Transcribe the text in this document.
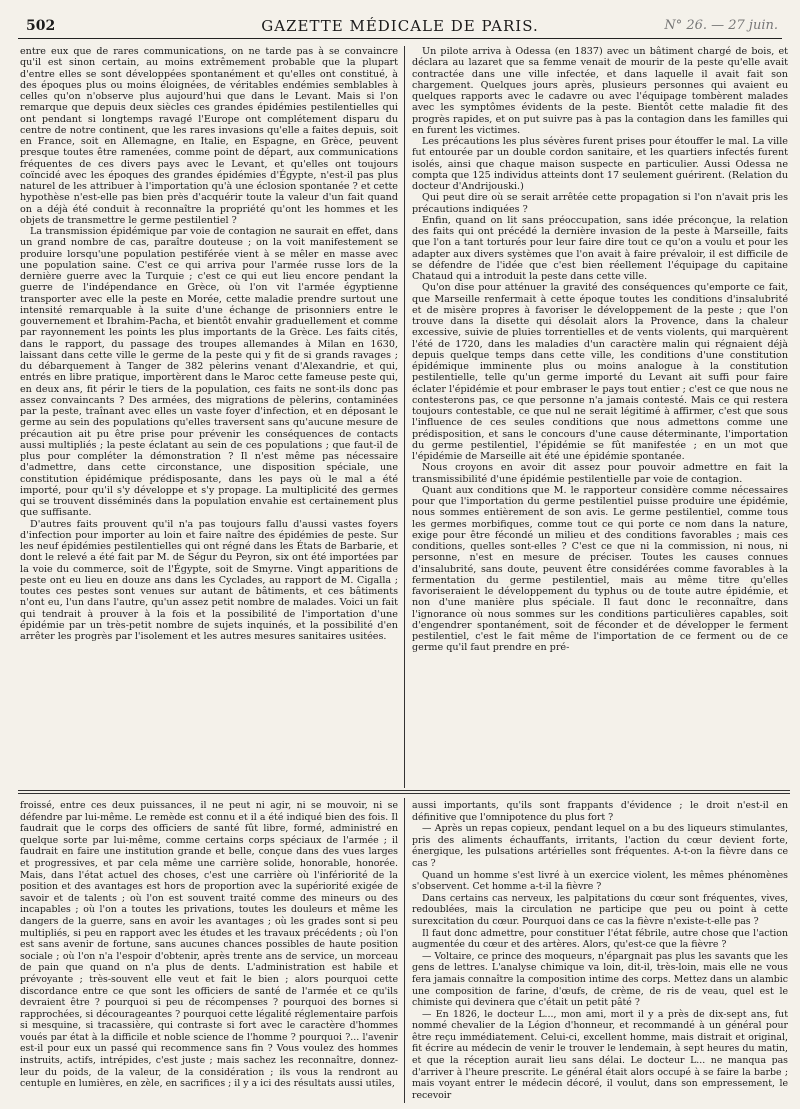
502	GAZETTE MÉDICALE DE PARIS.	N° 26. — 27 juin.

entre eux que de rares communications, on ne tarde pas à se convaincre qu'il est sinon certain, au moins extrêmement probable que la plupart d'entre elles se sont développées spontanément et qu'elles ont constitué, à des époques plus ou moins éloignées, de véritables endémies semblables à celles qu'on n'observe plus aujourd'hui que dans le Levant. Mais si l'on remarque que depuis deux siècles ces grandes épidémies pestilentielles qui ont pendant si longtemps ravagé l'Europe ont complétement disparu du centre de notre continent, que les rares invasions qu'elle a faites depuis, soit en France, soit en Allemagne, en Italie, en Espagne, en Grèce, peuvent presque toutes être ramenées, comme point de départ, aux communications fréquentes de ces divers pays avec le Levant, et qu'elles ont toujours coïncidé avec les époques des grandes épidémies d'Égypte, n'est-il pas plus naturel de les attribuer à l'importation qu'à une éclosion spontanée ? et cette hypothèse n'est-elle pas bien près d'acquérir toute la valeur d'un fait quand on a déjà été conduit à reconnaître la propriété qu'ont les hommes et les objets de transmettre le germe pestilentiel ?

La transmission épidémique par voie de contagion ne saurait en effet, dans un grand nombre de cas, paraître douteuse ; on la voit manifestement se produire lorsqu'une population pestiférée vient à se mêler en masse avec une population saine. C'est ce qui arriva pour l'armée russe lors de la dernière guerre avec la Turquie ; c'est ce qui eut lieu encore pendant la guerre de l'indépendance en Grèce, où l'on vit l'armée égyptienne transporter avec elle la peste en Morée, cette maladie prendre surtout une intensité remarquable à la suite d'une échange de prisonniers entre le gouvernement et Ibrahim-Pacha, et bientôt envahir graduellement et comme par rayonnement les points les plus importants de la Grèce. Les faits cités, dans le rapport, du passage des troupes allemandes à Milan en 1630, laissant dans cette ville le germe de la peste qui y fit de si grands ravages ; du débarquement à Tanger de 382 pèlerins venant d'Alexandrie, et qui, entrés en libre pratique, importèrent dans le Maroc cette fameuse peste qui, en deux ans, fit périr le tiers de la population, ces faits ne sont-ils donc pas assez convaincants ? Des armées, des migrations de pèlerins, contaminées par la peste, traînant avec elles un vaste foyer d'infection, et en déposant le germe au sein des populations qu'elles traversent sans qu'aucune mesure de précaution ait pu être prise pour prévenir les conséquences de contacts aussi multipliés ; la peste éclatant au sein de ces populations ; que faut-il de plus pour compléter la démonstration ? Il n'est même pas nécessaire d'admettre, dans cette circonstance, une disposition spéciale, une constitution épidémique prédisposante, dans les pays où le mal a été importé, pour qu'il s'y développe et s'y propage. La multiplicité des germes qui se trouvent disséminés dans la population envahie est certainement plus que suffisante.

D'autres faits prouvent qu'il n'a pas toujours fallu d'aussi vastes foyers d'infection pour importer au loin et faire naître des épidémies de peste. Sur les neuf épidémies pestilentielles qui ont régné dans les États de Barbarie, et dont le relevé a été fait par M. de Ségur du Peyron, six ont été importées par la voie du commerce, soit de l'Égypte, soit de Smyrne. Vingt apparitions de peste ont eu lieu en douze ans dans les Cyclades, au rapport de M. Cigalla ; toutes ces pestes sont venues sur autant de bâtiments, et ces bâtiments n'ont eu, l'un dans l'autre, qu'un assez petit nombre de malades. Voici un fait qui tendrait à prouver à la fois et la possibilité de l'importation d'une épidémie par un très-petit nombre de sujets inquinés, et la possibilité d'en arrêter les progrès par l'isolement et les autres mesures sanitaires usitées.

Un pilote arriva à Odessa (en 1837) avec un bâtiment chargé de bois, et déclara au lazaret que sa femme venait de mourir de la peste qu'elle avait contractée dans une ville infectée, et dans laquelle il avait fait son chargement. Quelques jours après, plusieurs personnes qui avaient eu quelques rapports avec le cadavre ou avec l'équipage tombèrent malades avec les symptômes évidents de la peste. Bientôt cette maladie fit des progrès rapides, et on put suivre pas à pas la contagion dans les familles qui en furent les victimes.

Les précautions les plus sévères furent prises pour étouffer le mal. La ville fut entourée par un double cordon sanitaire, et les quartiers infectés furent isolés, ainsi que chaque maison suspecte en particulier. Aussi Odessa ne compta que 125 individus atteints dont 17 seulement guérirent. (Relation du docteur d'Andrijouski.)

Qui peut dire où se serait arrêtée cette propagation si l'on n'avait pris les précautions indiquées ?

Enfin, quand on lit sans préoccupation, sans idée préconçue, la relation des faits qui ont précédé la dernière invasion de la peste à Marseille, faits que l'on a tant torturés pour leur faire dire tout ce qu'on a voulu et pour les adapter aux divers systèmes que l'on avait à faire prévaloir, il est difficile de se défendre de l'idée que c'est bien réellement l'équipage du capitaine Chataud qui a introduit la peste dans cette ville.

Qu'on dise pour atténuer la gravité des conséquences qu'emporte ce fait, que Marseille renfermait à cette époque toutes les conditions d'insalubrité et de misère propres à favoriser le développement de la peste ; que l'on trouve dans la disette qui désolait alors la Provence, dans la chaleur excessive, suivie de pluies torrentielles et de vents violents, qui marquèrent l'été de 1720, dans les maladies d'un caractère malin qui régnaient déjà depuis quelque temps dans cette ville, les conditions d'une constitution épidémique imminente plus ou moins analogue à la constitution pestilentielle, telle qu'un germe importé du Levant ait suffi pour faire éclater l'épidémie et pour embraser le pays tout entier ; c'est ce que nous ne contesterons pas, ce que personne n'a jamais contesté. Mais ce qui restera toujours contestable, ce que nul ne serait légitimé à affirmer, c'est que sous l'influence de ces seules conditions que nous admettons comme une prédisposition, et sans le concours d'une cause déterminante, l'importation du germe pestilentiel, l'épidémie se fût manifestée ; en un mot que l'épidémie de Marseille ait été une épidémie spontanée.

Nous croyons en avoir dit assez pour pouvoir admettre en fait la transmissibilité d'une épidémie pestilentielle par voie de contagion.

Quant aux conditions que M. le rapporteur considère comme nécessaires pour que l'importation du germe pestilentiel puisse produire une épidémie, nous sommes entièrement de son avis. Le germe pestilentiel, comme tous les germes morbifiques, comme tout ce qui porte ce nom dans la nature, exige pour être fécondé un milieu et des conditions favorables ; mais ces conditions, quelles sont-elles ? C'est ce que ni la commission, ni nous, ni personne, n'est en mesure de préciser. Toutes les causes connues d'insalubrité, sans doute, peuvent être considérées comme favorables à la fermentation du germe pestilentiel, mais au même titre qu'elles favoriseraient le développement du typhus ou de toute autre épidémie, et non d'une manière plus spéciale. Il faut donc le reconnaître, dans l'ignorance où nous sommes sur les conditions particulières capables, soit d'engendrer spontanément, soit de féconder et de développer le ferment pestilentiel, c'est le fait même de l'importation de ce ferment ou de ce germe qu'il faut prendre en pré-

froissé, entre ces deux puissances, il ne peut ni agir, ni se mouvoir, ni se défendre par lui-même. Le remède est connu et il a été indiqué bien des fois. Il faudrait que le corps des officiers de santé fût libre, formé, administré en quelque sorte par lui-même, comme certains corps spéciaux de l'armée ; il faudrait en faire une institution grande et belle, conçue dans des vues larges et progressives, et par cela même une carrière solide, honorable, honorée. Mais, dans l'état actuel des choses, c'est une carrière où l'infériorité de la position et des avantages est hors de proportion avec la supériorité exigée de savoir et de talents ; où l'on est souvent traité comme des mineurs ou des incapables ; où l'on a toutes les privations, toutes les douleurs et même les dangers de la guerre, sans en avoir les avantages ; où les grades sont si peu multipliés, si peu en rapport avec les études et les travaux précédents ; où l'on est sans avenir de fortune, sans aucunes chances possibles de haute position sociale ; où l'on n'a l'espoir d'obtenir, après trente ans de service, un morceau de pain que quand on n'a plus de dents. L'administration est habile et prévoyante ; très-souvent elle veut et fait le bien ; alors pourquoi cette discordance entre ce que sont les officiers de santé de l'armée et ce qu'ils devraient être ? pourquoi si peu de récompenses ? pourquoi des bornes si rapprochées, si décourageantes ? pourquoi cette légalité réglementaire parfois si mesquine, si tracassière, qui contraste si fort avec le caractère d'hommes voués par état à la difficile et noble science de l'homme ? pourquoi ?... l'avenir est-il pour eux un passé qui recommence sans fin ? Vous voulez des hommes instruits, actifs, intrépides, c'est juste ; mais sachez les reconnaître, donnez-leur du poids, de la valeur, de la considération ; ils vous la rendront au centuple en lumières, en zèle, en sacrifices ; il y a ici des résultats aussi utiles,

aussi importants, qu'ils sont frappants d'évidence ; le droit n'est-il en définitive que l'omnipotence du plus fort ?

— Après un repas copieux, pendant lequel on a bu des liqueurs stimulantes, pris des aliments échauffants, irritants, l'action du cœur devient forte, énergique, les pulsations artérielles sont fréquentes. A-t-on la fièvre dans ce cas ?

Quand un homme s'est livré à un exercice violent, les mêmes phénomènes s'observent. Cet homme a-t-il la fièvre ?

Dans certains cas nerveux, les palpitations du cœur sont fréquentes, vives, redoublées, mais la circulation ne participe que peu ou point à cette surexcitation du cœur. Pourquoi dans ce cas la fièvre n'existe-t-elle pas ?

Il faut donc admettre, pour constituer l'état fébrile, autre chose que l'action augmentée du cœur et des artères. Alors, qu'est-ce que la fièvre ?

— Voltaire, ce prince des moqueurs, n'épargnait pas plus les savants que les gens de lettres. L'analyse chimique va loin, dit-il, très-loin, mais elle ne vous fera jamais connaître la composition intime des corps. Mettez dans un alambic une composition de farine, d'œufs, de crème, de ris de veau, quel est le chimiste qui devinera que c'était un petit pâté ?

— En 1826, le docteur L..., mon ami, mort il y a près de dix-sept ans, fut nommé chevalier de la Légion d'honneur, et recommandé à un général pour être reçu immédiatement. Celui-ci, excellent homme, mais distrait et original, fit écrire au médecin de venir le trouver le lendemain, à sept heures du matin, et que la réception aurait lieu sans délai. Le docteur L... ne manqua pas d'arriver à l'heure prescrite. Le général était alors occupé à se faire la barbe ; mais voyant entrer le médecin décoré, il voulut, dans son empressement, le recevoir
